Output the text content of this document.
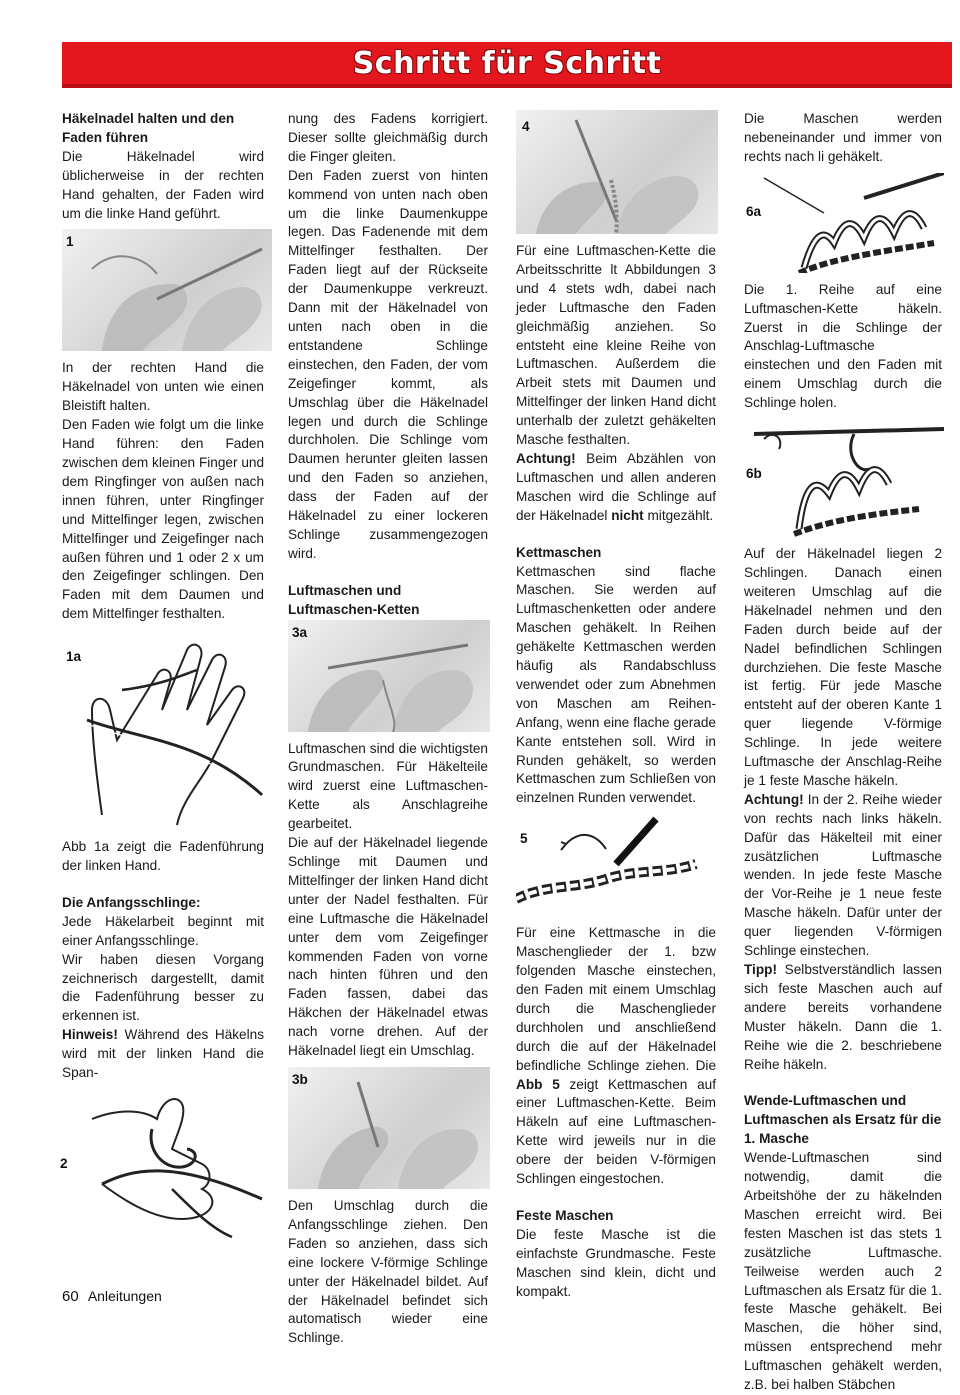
Schritt für Schritt
Häkelnadel halten und den Faden führen

Die Häkelnadel wird üblicherweise in der rechten Hand gehalten, der Faden wird um die linke Hand geführt.

1

In der rechten Hand die Häkelnadel von unten wie einen Bleistift halten.

Den Faden wie folgt um die linke Hand führen: den Faden zwischen dem kleinen Finger und dem Ringfinger von außen nach innen führen, unter Ringfinger und Mittelfinger legen, zwischen Mittelfinger und Zeigefinger nach außen führen und 1 oder 2 x um den Zeigefinger schlingen. Den Faden mit dem Daumen und dem Mittelfinger festhalten.

1a

Abb 1a zeigt die Fadenführung der linken Hand.

Die Anfangsschlinge:

Jede Häkelarbeit beginnt mit einer Anfangsschlinge.

Wir haben diesen Vorgang zeichnerisch dargestellt, damit die Fadenführung besser zu erkennen ist.

Hinweis! Während des Häkelns wird mit der linken Hand die Span-

2

nung des Fadens korrigiert. Dieser sollte gleichmäßig durch die Finger gleiten.

Den Faden zuerst von hinten kommend von unten nach oben um die linke Daumenkuppe legen. Das Fadenende mit dem Mittelfinger festhalten. Der Faden liegt auf der Rückseite der Daumenkuppe verkreuzt. Dann mit der Häkelnadel von unten nach oben in die entstandene Schlinge einstechen, den Faden, der vom Zeigefinger kommt, als Umschlag über die Häkelnadel legen und durch die Schlinge durchholen. Die Schlinge vom Daumen herunter gleiten lassen und den Faden so anziehen, dass der Faden auf der Häkelnadel zu einer lockeren Schlinge zusammengezogen wird.

Luftmaschen und Luftmaschen-Ketten
3a

Luftmaschen sind die wichtigsten Grundmaschen. Für Häkelteile wird zuerst eine Luftmaschen-Kette als Anschlagreihe gearbeitet.

Die auf der Häkelnadel liegende Schlinge mit Daumen und Mittelfinger der linken Hand dicht unter der Nadel festhalten. Für eine Luftmasche die Häkelnadel unter dem vom Zeigefinger kommenden Faden von vorne nach hinten führen und den Faden fassen, dabei das Häkchen der Häkelnadel etwas nach vorne drehen. Auf der Häkelnadel liegt ein Umschlag.

3b

Den Umschlag durch die Anfangsschlinge ziehen. Den Faden so anziehen, dass sich eine lockere V-förmige Schlinge unter der Häkelnadel bildet. Auf der Häkelnadel befindet sich automatisch wieder eine Schlinge.

4

Für eine Luftmaschen-Kette die Arbeitsschritte lt Abbildungen 3 und 4 stets wdh, dabei nach jeder Luftmasche den Faden gleichmäßig anziehen. So entsteht eine kleine Reihe von Luftmaschen. Außerdem die Arbeit stets mit Daumen und Mittelfinger der linken Hand dicht unterhalb der zuletzt gehäkelten Masche festhalten.

Achtung! Beim Abzählen von Luftmaschen und allen anderen Maschen wird die Schlinge auf der Häkelnadel nicht mitgezählt.

Kettmaschen

Kettmaschen sind flache Maschen. Sie werden auf Luftmaschenketten oder andere Maschen gehäkelt. In Reihen gehäkelte Kettmaschen werden häufig als Randabschluss verwendet oder zum Abnehmen von Maschen am Reihen-Anfang, wenn eine flache gerade Kante entstehen soll. Wird in Runden gehäkelt, so werden Kettmaschen zum Schließen von einzelnen Runden verwendet.

5

Für eine Kettmasche in die Maschenglieder der 1. bzw folgenden Masche einstechen, den Faden mit einem Umschlag durch die Maschenglieder durchholen und anschließend durch die auf der Häkelnadel befindliche Schlinge ziehen. Die Abb 5 zeigt Kettmaschen auf einer Luftmaschen-Kette. Beim Häkeln auf eine Luftmaschen-Kette wird jeweils nur in die obere der beiden V-förmigen Schlingen eingestochen.

Feste Maschen

Die feste Masche ist die einfachste Grundmasche. Feste Maschen sind klein, dicht und kompakt.

Die Maschen werden nebeneinander und immer von rechts nach li gehäkelt.

6a

Die 1. Reihe auf eine Luftmaschen-Kette häkeln. Zuerst in die Schlinge der Anschlag-Luftmasche einstechen und den Faden mit einem Umschlag durch die Schlinge holen.

6b

Auf der Häkelnadel liegen 2 Schlingen. Danach einen weiteren Umschlag auf die Häkelnadel nehmen und den Faden durch beide auf der Nadel befindlichen Schlingen durchziehen. Die feste Masche ist fertig. Für jede Masche entsteht auf der oberen Kante 1 quer liegende V-förmige Schlinge. In jede weitere Luftmasche der Anschlag-Reihe je 1 feste Masche häkeln.

Achtung! In der 2. Reihe wieder von rechts nach links häkeln. Dafür das Häkelteil mit einer zusätzlichen Luftmasche wenden. In jede feste Masche der Vor-Reihe je 1 neue feste Masche häkeln. Dafür unter der quer liegenden V-förmigen Schlinge einstechen.

Tipp! Selbstverständlich lassen sich feste Maschen auch auf andere bereits vorhandene Muster häkeln. Dann die 1. Reihe wie die 2. beschriebene Reihe häkeln.

Wende-Luftmaschen und Luftmaschen als Ersatz für die 1. Masche

Wende-Luftmaschen sind notwendig, damit die Arbeitshöhe der zu häkelnden Maschen erreicht wird. Bei festen Maschen ist das stets 1 zusätzliche Luftmasche. Teilweise werden auch 2 Luftmaschen als Ersatz für die 1. feste Masche gehäkelt. Bei Maschen, die höher sind, müssen entsprechend mehr Luftmaschen gehäkelt werden, z.B. bei halben Stäbchen

60 Anleitungen
